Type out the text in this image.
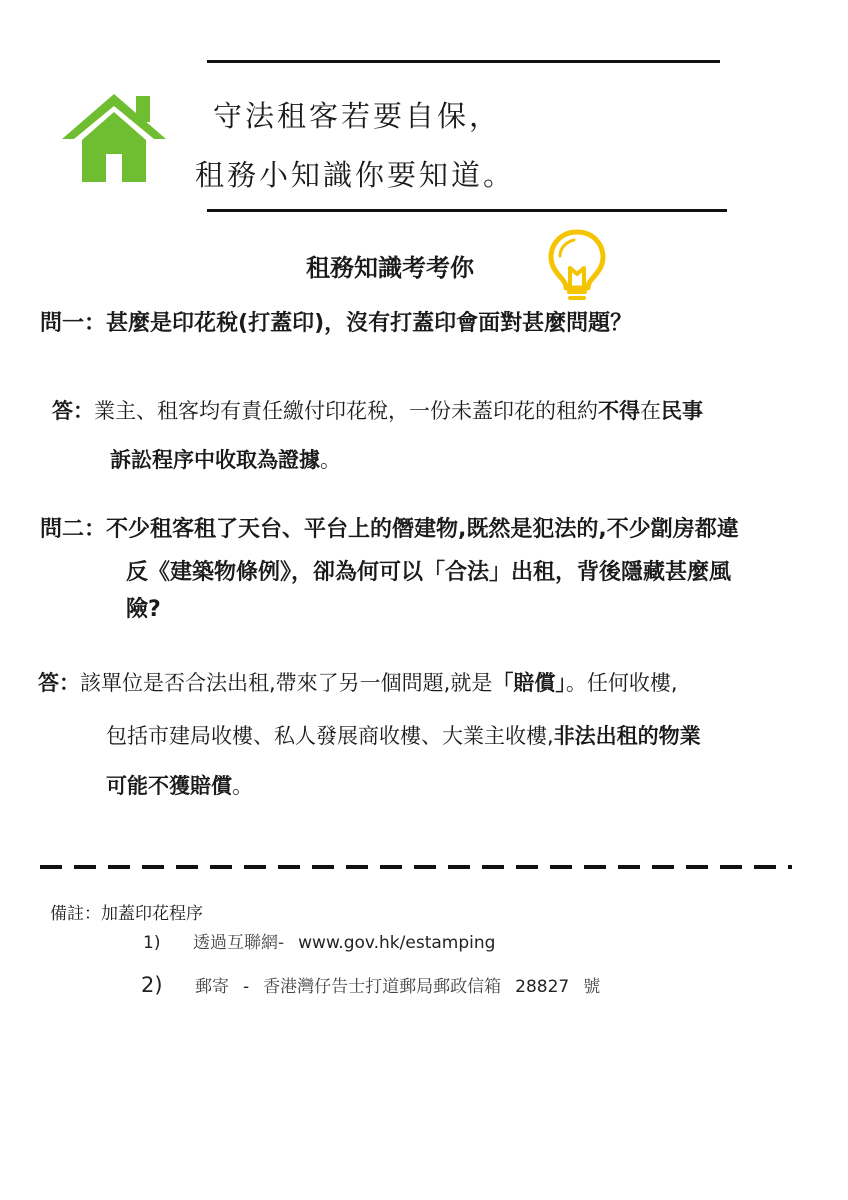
守法租客若要自保，
租務小知識你要知道。
租務知識考考你
問一：甚麼是印花稅(打蓋印)，沒有打蓋印會面對甚麼問題？
答：業主、租客均有責任繳付印花稅，一份未蓋印花的租約不得在民事
訴訟程序中收取為證據。
問二：不少租客租了天台、平台上的僭建物,既然是犯法的,不少劏房都違
反《建築物條例》，卻為何可以「合法」出租，背後隱藏甚麼風
險?
答：該單位是否合法出租,帶來了另一個問題,就是「賠償」。任何收樓,
包括市建局收樓、私人發展商收樓、大業主收樓,非法出租的物業
可能不獲賠償。
備註：加蓋印花程序
1) 透過互聯網- www.gov.hk/estamping
2) 郵寄 - 香港灣仔告士打道郵局郵政信箱 28827 號
